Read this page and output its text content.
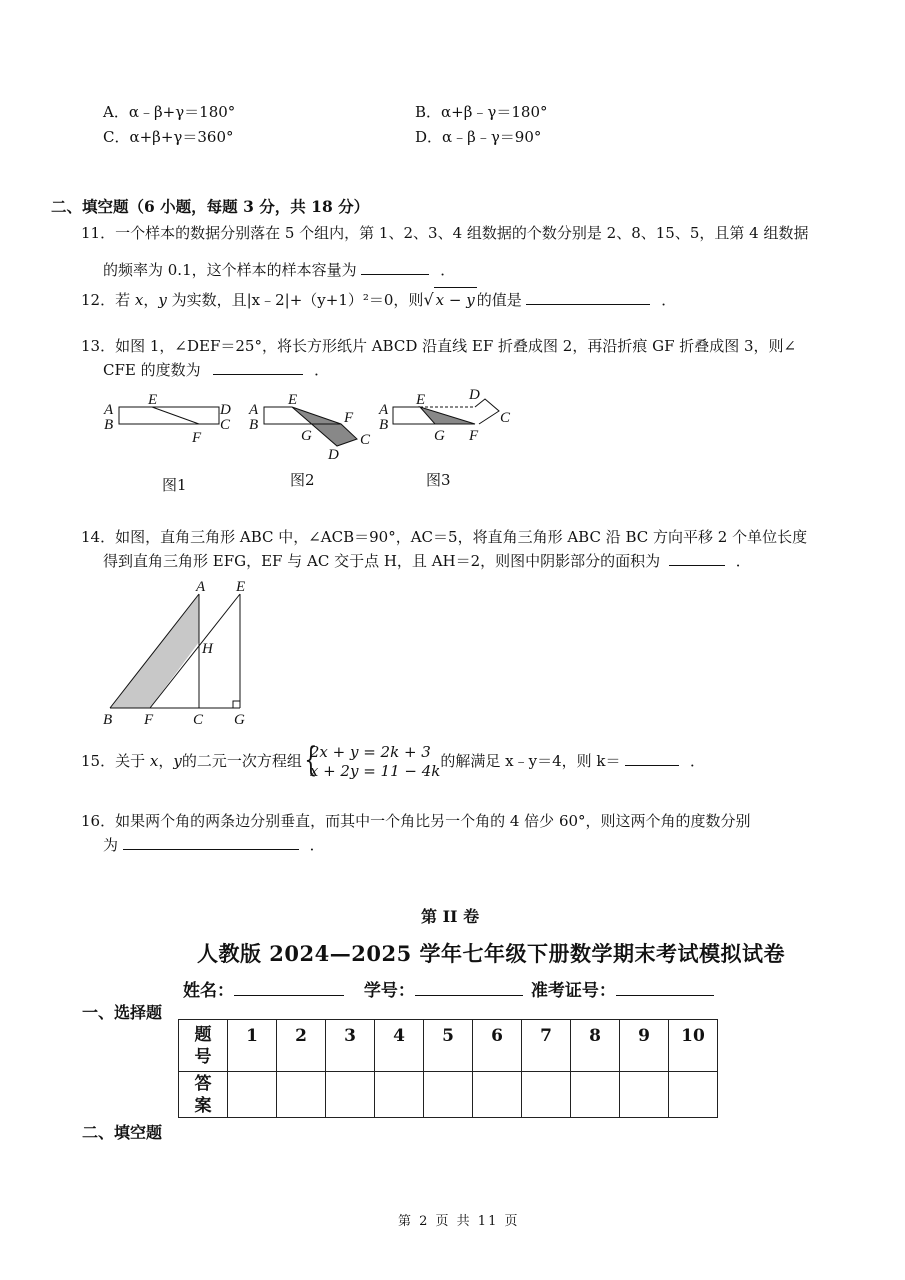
A．α﹣β+γ＝180°	B．α+β﹣γ＝180°
C．α+β+γ＝360°	D．α﹣β﹣γ＝90°
二、填空题（6 小题，每题 3 分，共 18 分）
11．一个样本的数据分别落在 5 个组内，第 1、2、3、4 组数据的个数分别是 2、8、15、5，且第 4 组数据
的频率为 0.1，这个样本的样本容量为	．
12．若 x，y 为实数，且|x﹣2|+（y+1）²＝0，则√ x − y 的值是	．
13．如图 1，∠DEF＝25°，将长方形纸片 ABCD 沿直线 EF 折叠成图 2，再沿折痕 GF 折叠成图 3，则∠
CFE 的度数为	．
A
B
E
F
D
C
A
B
E
F
G	C
D
A
B
E	D
C
G F
图1	图2	图3
14．如图，直角三角形 ABC 中，∠ACB＝90°，AC＝5，将直角三角形 ABC 沿 BC 方向平移 2 个单位长度
得到直角三角形 EFG，EF 与 AC 交于点 H，且 AH＝2，则图中阴影部分的面积为	．
A E
H
B F	C G
15．关于 x，y的二元一次方程组 {
2x + y = 2k + 3
x + 2y = 11 − 4k
的解满足 x﹣y＝4，则 k＝	．
16．如果两个角的两条边分别垂直，而其中一个角比另一个角的 4 倍少 60°，则这两个角的度数分别
为	．
第 II 卷
人教版 2024—2025 学年七年级下册数学期末考试模拟试卷
姓名：	学号：	准考证号：
一、选择题
题
号	1	2	3	4	5	6	7	8	9	10
答
案										
二、填空题
第 2 页 共 11 页
